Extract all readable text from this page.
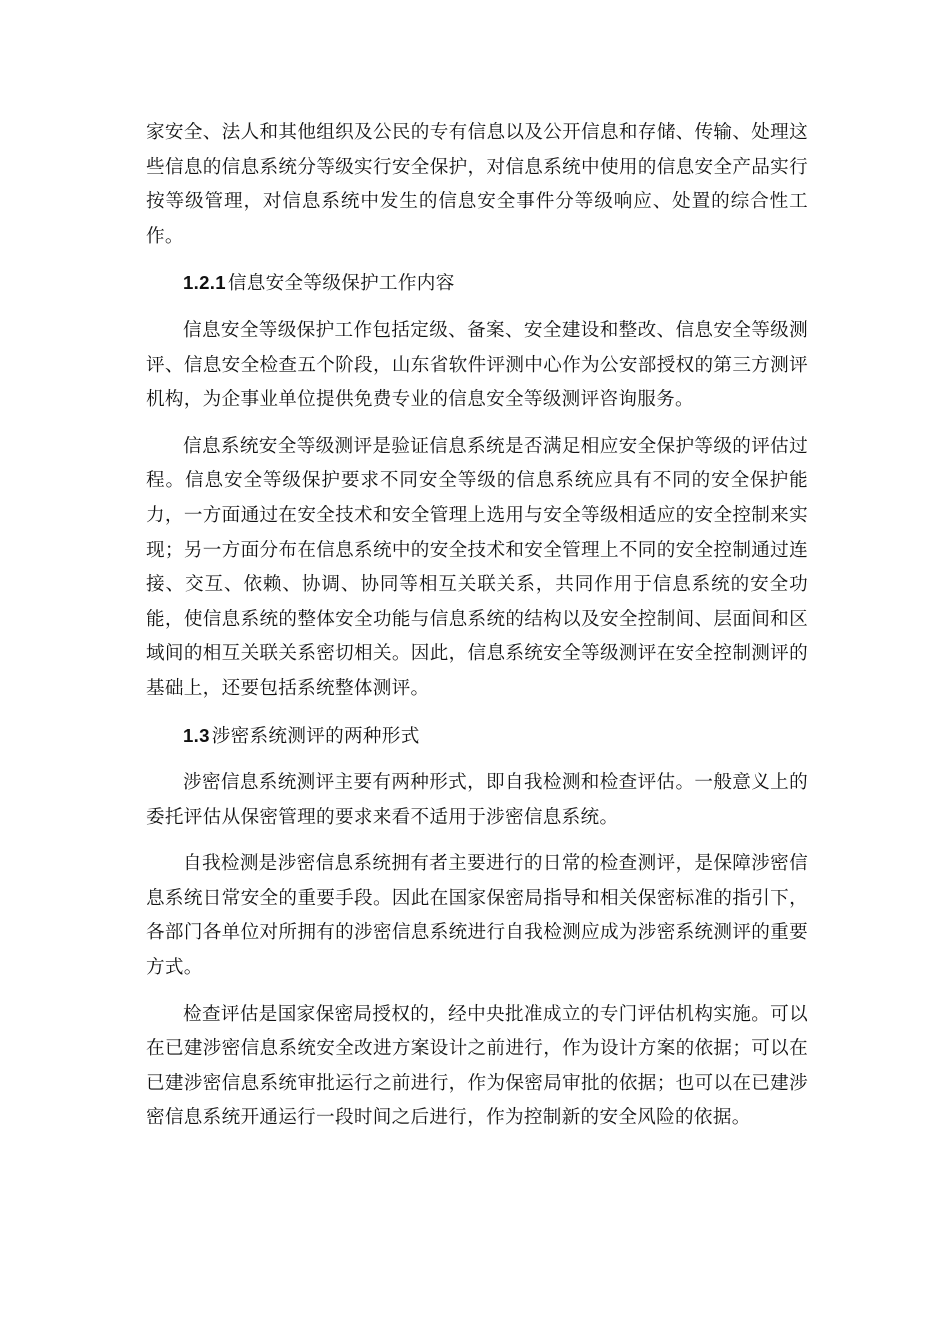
家安全、法人和其他组织及公民的专有信息以及公开信息和存储、传输、处理这些信息的信息系统分等级实行安全保护，对信息系统中使用的信息安全产品实行按等级管理，对信息系统中发生的信息安全事件分等级响应、处置的综合性工作。

1.2.1 信息安全等级保护工作内容

信息安全等级保护工作包括定级、备案、安全建设和整改、信息安全等级测评、信息安全检查五个阶段，山东省软件评测中心作为公安部授权的第三方测评机构，为企事业单位提供免费专业的信息安全等级测评咨询服务。

信息系统安全等级测评是验证信息系统是否满足相应安全保护等级的评估过程。信息安全等级保护要求不同安全等级的信息系统应具有不同的安全保护能力，一方面通过在安全技术和安全管理上选用与安全等级相适应的安全控制来实现；另一方面分布在信息系统中的安全技术和安全管理上不同的安全控制通过连接、交互、依赖、协调、协同等相互关联关系，共同作用于信息系统的安全功能，使信息系统的整体安全功能与信息系统的结构以及安全控制间、层面间和区域间的相互关联关系密切相关。因此，信息系统安全等级测评在安全控制测评的基础上，还要包括系统整体测评。

1.3 涉密系统测评的两种形式

涉密信息系统测评主要有两种形式，即自我检测和检查评估。一般意义上的委托评估从保密管理的要求来看不适用于涉密信息系统。

自我检测是涉密信息系统拥有者主要进行的日常的检查测评，是保障涉密信息系统日常安全的重要手段。因此在国家保密局指导和相关保密标准的指引下，各部门各单位对所拥有的涉密信息系统进行自我检测应成为涉密系统测评的重要方式。

检查评估是国家保密局授权的，经中央批准成立的专门评估机构实施。可以在已建涉密信息系统安全改进方案设计之前进行，作为设计方案的依据；可以在已建涉密信息系统审批运行之前进行，作为保密局审批的依据；也可以在已建涉密信息系统开通运行一段时间之后进行，作为控制新的安全风险的依据。
